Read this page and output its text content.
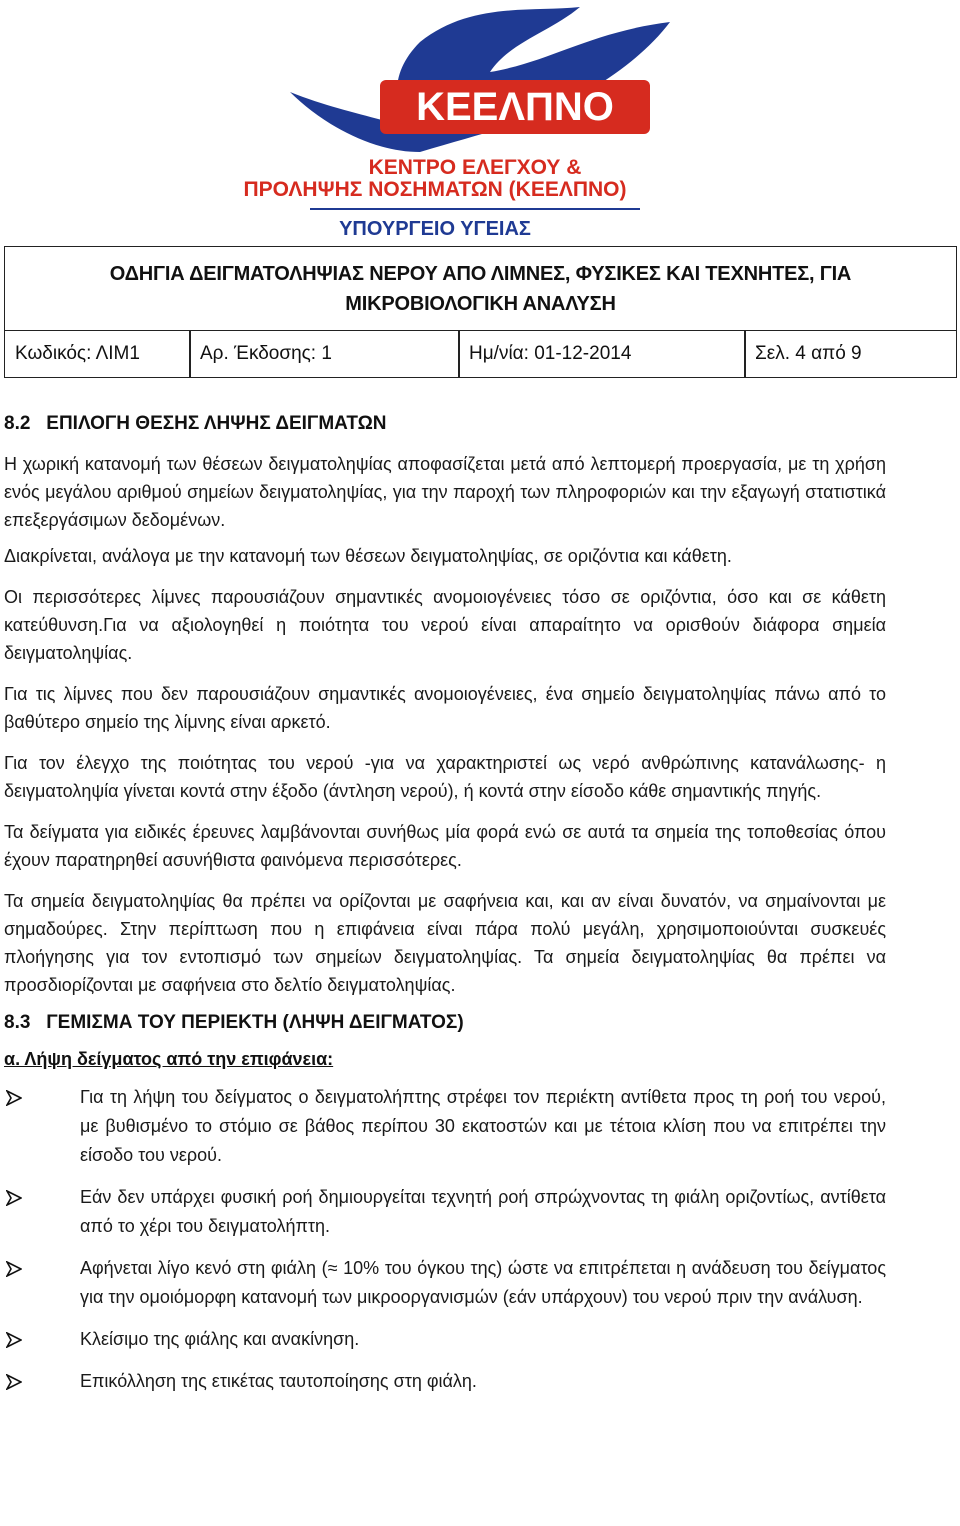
ΚΕΕΛΠΝΟ
ΚΕΝΤΡΟ ΕΛΕΓΧΟΥ &
ΠΡΟΛΗΨΗΣ ΝΟΣΗΜΑΤΩΝ (ΚΕΕΛΠΝΟ)
ΥΠΟΥΡΓΕΙΟ ΥΓΕΙΑΣ
ΟΔΗΓΙΑ ΔΕΙΓΜΑΤΟΛΗΨΙΑΣ ΝΕΡΟΥ ΑΠΟ ΛΙΜΝΕΣ, ΦΥΣΙΚΕΣ ΚΑΙ ΤΕΧΝΗΤΕΣ, ΓΙΑ
ΜΙΚΡΟΒΙΟΛΟΓΙΚΗ ΑΝΑΛΥΣΗ
Κωδικός: ΛΙΜ1	Αρ. Έκδοσης: 1	Ημ/νία: 01-12-2014	Σελ. 4 από 9
8.2 ΕΠΙΛΟΓΗ ΘΕΣΗΣ ΛΗΨΗΣ ΔΕΙΓΜΑΤΩΝ

Η χωρική κατανομή των θέσεων δειγματοληψίας αποφασίζεται μετά από λεπτομερή προεργασία, με τη χρήση ενός μεγάλου αριθμού σημείων δειγματοληψίας, για την παροχή των πληροφοριών και την εξαγωγή στατιστικά επεξεργάσιμων δεδομένων.

Διακρίνεται, ανάλογα με την κατανομή των θέσεων δειγματοληψίας, σε οριζόντια και κάθετη.

Οι περισσότερες λίμνες παρουσιάζουν σημαντικές ανομοιογένειες τόσο σε οριζόντια, όσο και σε κάθετη κατεύθυνση.Για να αξιολογηθεί η ποιότητα του νερού είναι απαραίτητο να ορισθούν διάφορα σημεία δειγματοληψίας.

Για τις λίμνες που δεν παρουσιάζουν σημαντικές ανομοιογένειες, ένα σημείο δειγματοληψίας πάνω από το βαθύτερο σημείο της λίμνης είναι αρκετό.

Για τον έλεγχο της ποιότητας του νερού -για να χαρακτηριστεί ως νερό ανθρώπινης κατανάλωσης- η δειγματοληψία γίνεται κοντά στην έξοδο (άντληση νερού), ή κοντά στην είσοδο κάθε σημαντικής πηγής.

Τα δείγματα για ειδικές έρευνες λαμβάνονται συνήθως μία φορά ενώ σε αυτά τα σημεία της τοποθεσίας όπου έχουν παρατηρηθεί ασυνήθιστα φαινόμενα περισσότερες.

Τα σημεία δειγματοληψίας θα πρέπει να ορίζονται με σαφήνεια και, και αν είναι δυνατόν, να σημαίνονται με σημαδούρες. Στην περίπτωση που η επιφάνεια είναι πάρα πολύ μεγάλη, χρησιμοποιούνται συσκευές πλοήγησης για τον εντοπισμό των σημείων δειγματοληψίας. Τα σημεία δειγματοληψίας θα πρέπει να προσδιορίζονται με σαφήνεια στο δελτίο δειγματοληψίας.

8.3 ΓΕΜΙΣΜΑ ΤΟΥ ΠΕΡΙΕΚΤΗ (ΛΗΨΗ ΔΕΙΓΜΑΤΟΣ)
α. Λήψη δείγματος από την επιφάνεια:
Για τη λήψη του δείγματος ο δειγματολήπτης στρέφει τον περιέκτη αντίθετα προς τη ροή του νερού, με βυθισμένο το στόμιο σε βάθος περίπου 30 εκατοστών και με τέτοια κλίση που να επιτρέπει την είσοδο του νερού.
Εάν δεν υπάρχει φυσική ροή δημιουργείται τεχνητή ροή σπρώχνοντας τη φιάλη οριζοντίως, αντίθετα από το χέρι του δειγματολήπτη.
Αφήνεται λίγο κενό στη φιάλη (≈ 10% του όγκου της) ώστε να επιτρέπεται η ανάδευση του δείγματος για την ομοιόμορφη κατανομή των μικροοργανισμών (εάν υπάρχουν) του νερού πριν την ανάλυση.
Κλείσιμο της φιάλης και ανακίνηση.
Επικόλληση της ετικέτας ταυτοποίησης στη φιάλη.
